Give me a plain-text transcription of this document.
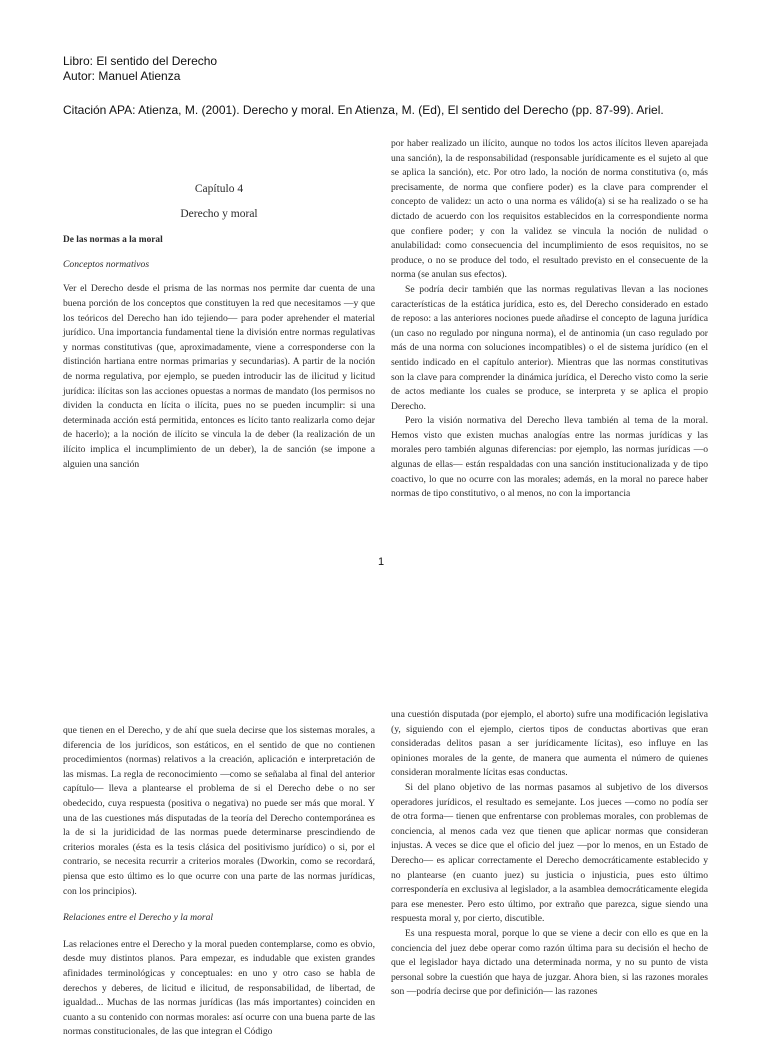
Libro: El sentido del Derecho
Autor: Manuel Atienza
Citación APA: Atienza, M. (2001). Derecho y moral. En Atienza, M. (Ed), El sentido del Derecho (pp. 87-99). Ariel.

Capítulo 4

Derecho y moral

De las normas a la moral

Conceptos normativos

Ver el Derecho desde el prisma de las normas nos permite dar cuenta de una buena porción de los conceptos que constituyen la red que necesitamos —y que los teóricos del Derecho han ido tejiendo— para poder aprehender el material jurídico. Una importancia fundamental tiene la división entre normas regulativas y normas constitutivas (que, aproximadamente, viene a corresponderse con la distinción hartiana entre normas primarias y secundarias). A partir de la noción de norma regulativa, por ejemplo, se pueden introducir las de ilicitud y licitud jurídica: ilícitas son las acciones opuestas a normas de mandato (los permisos no dividen la conducta en lícita o ilícita, pues no se pueden incumplir: si una determinada acción está permitida, entonces es lícito tanto realizarla como dejar de hacerlo); a la noción de ilícito se vincula la de deber (la realización de un ilícito implica el incumplimiento de un deber), la de sanción (se impone a alguien una sanción

por haber realizado un ilícito, aunque no todos los actos ilícitos lleven aparejada una sanción), la de responsabilidad (responsable jurídicamente es el sujeto al que se aplica la sanción), etc. Por otro lado, la noción de norma constitutiva (o, más precisamente, de norma que confiere poder) es la clave para comprender el concepto de validez: un acto o una norma es válido(a) si se ha realizado o se ha dictado de acuerdo con los requisitos establecidos en la correspondiente norma que confiere poder; y con la validez se vincula la noción de nulidad o anulabilidad: como consecuencia del incumplimiento de esos requisitos, no se produce, o no se produce del todo, el resultado previsto en el consecuente de la norma (se anulan sus efectos).

Se podría decir también que las normas regulativas llevan a las nociones características de la estática jurídica, esto es, del Derecho considerado en estado de reposo: a las anteriores nociones puede añadirse el concepto de laguna jurídica (un caso no regulado por ninguna norma), el de antinomia (un caso regulado por más de una norma con soluciones incompatibles) o el de sistema jurídico (en el sentido indicado en el capítulo anterior). Mientras que las normas constitutivas son la clave para comprender la dinámica jurídica, el Derecho visto como la serie de actos mediante los cuales se produce, se interpreta y se aplica el propio Derecho.

Pero la visión normativa del Derecho lleva también al tema de la moral. Hemos visto que existen muchas analogías entre las normas jurídicas y las morales pero también algunas diferencias: por ejemplo, las normas jurídicas —o algunas de ellas— están respaldadas con una sanción institucionalizada y de tipo coactivo, lo que no ocurre con las morales; además, en la moral no parece haber normas de tipo constitutivo, o al menos, no con la importancia

1

que tienen en el Derecho, y de ahí que suela decirse que los sistemas morales, a diferencia de los jurídicos, son estáticos, en el sentido de que no contienen procedimientos (normas) relativos a la creación, aplicación e interpretación de las mismas. La regla de reconocimiento —como se señalaba al final del anterior capítulo— lleva a plantearse el problema de si el Derecho debe o no ser obedecido, cuya respuesta (positiva o negativa) no puede ser más que moral. Y una de las cuestiones más disputadas de la teoría del Derecho contemporánea es la de si la juridicidad de las normas puede determinarse prescindiendo de criterios morales (ésta es la tesis clásica del positivismo jurídico) o si, por el contrario, se necesita recurrir a criterios morales (Dworkin, como se recordará, piensa que esto último es lo que ocurre con una parte de las normas jurídicas, con los principios).

Relaciones entre el Derecho y la moral

Las relaciones entre el Derecho y la moral pueden contemplarse, como es obvio, desde muy distintos planos. Para empezar, es indudable que existen grandes afinidades terminológicas y conceptuales: en uno y otro caso se habla de derechos y deberes, de licitud e ilicitud, de responsabilidad, de libertad, de igualdad... Muchas de las normas jurídicas (las más importantes) coinciden en cuanto a su contenido con normas morales: así ocurre con una buena parte de las normas constitucionales, de las que integran el Código

una cuestión disputada (por ejemplo, el aborto) sufre una modificación legislativa (y, siguiendo con el ejemplo, ciertos tipos de conductas abortivas que eran consideradas delitos pasan a ser jurídicamente lícitas), eso influye en las opiniones morales de la gente, de manera que aumenta el número de quienes consideran moralmente lícitas esas conductas.

Si del plano objetivo de las normas pasamos al subjetivo de los diversos operadores jurídicos, el resultado es semejante. Los jueces —como no podía ser de otra forma— tienen que enfrentarse con problemas morales, con problemas de conciencia, al menos cada vez que tienen que aplicar normas que consideran injustas. A veces se dice que el oficio del juez —por lo menos, en un Estado de Derecho— es aplicar correctamente el Derecho democráticamente establecido y no plantearse (en cuanto juez) su justicia o injusticia, pues esto último correspondería en exclusiva al legislador, a la asamblea democráticamente elegida para ese menester. Pero esto último, por extraño que parezca, sigue siendo una respuesta moral y, por cierto, discutible.

Es una respuesta moral, porque lo que se viene a decir con ello es que en la conciencia del juez debe operar como razón última para su decisión el hecho de que el legislador haya dictado una determinada norma, y no su punto de vista personal sobre la cuestión que haya de juzgar. Ahora bien, si las razones morales son —podría decirse que por definición— las razones
